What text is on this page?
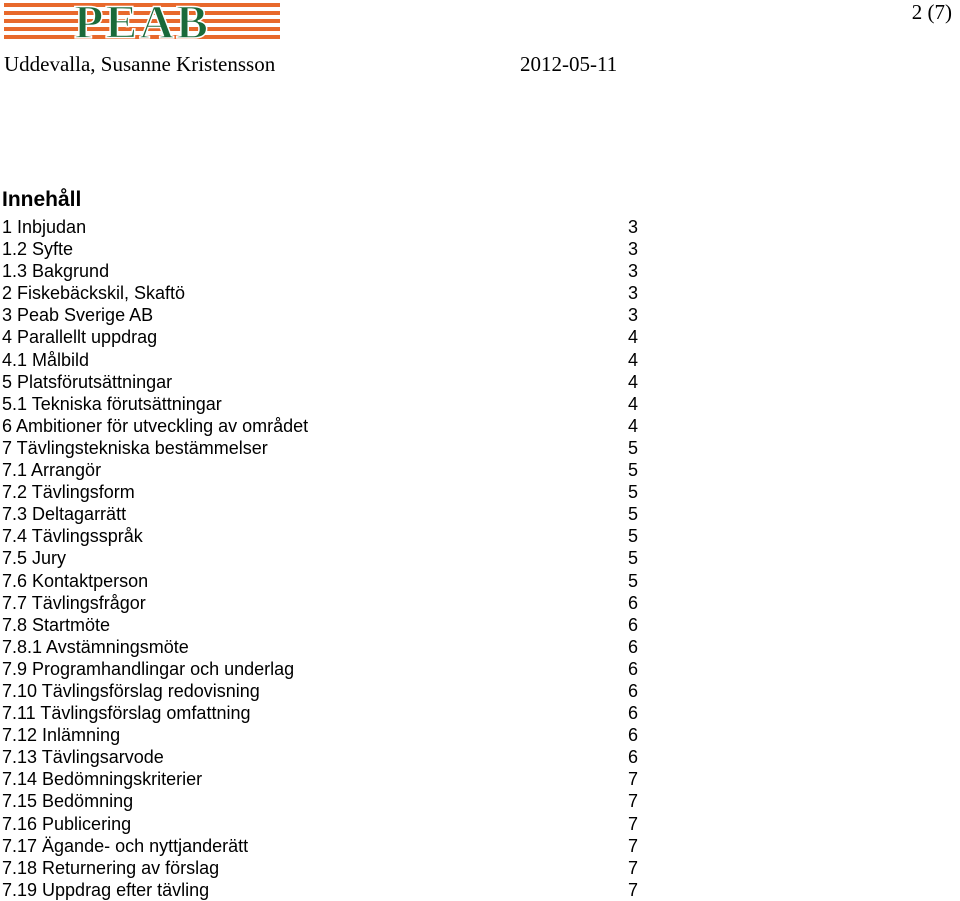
PEAB	2 (7)
Uddevalla, Susanne Kristensson	2012-05-11
Innehåll
1 Inbjudan	3
1.2 Syfte	3
1.3 Bakgrund	3
2 Fiskebäckskil, Skaftö	3
3 Peab Sverige AB	3
4 Parallellt uppdrag	4
4.1 Målbild	4
5 Platsförutsättningar	4
5.1 Tekniska förutsättningar	4
6 Ambitioner för utveckling av området	4
7 Tävlingstekniska bestämmelser	5
7.1 Arrangör	5
7.2 Tävlingsform	5
7.3 Deltagarrätt	5
7.4 Tävlingsspråk	5
7.5 Jury	5
7.6 Kontaktperson	5
7.7 Tävlingsfrågor	6
7.8 Startmöte	6
7.8.1 Avstämningsmöte	6
7.9 Programhandlingar och underlag	6
7.10 Tävlingsförslag redovisning	6
7.11 Tävlingsförslag omfattning	6
7.12 Inlämning	6
7.13 Tävlingsarvode	6
7.14 Bedömningskriterier	7
7.15 Bedömning	7
7.16 Publicering	7
7.17 Ägande- och nyttjanderätt	7
7.18 Returnering av förslag	7
7.19 Uppdrag efter tävling	7
